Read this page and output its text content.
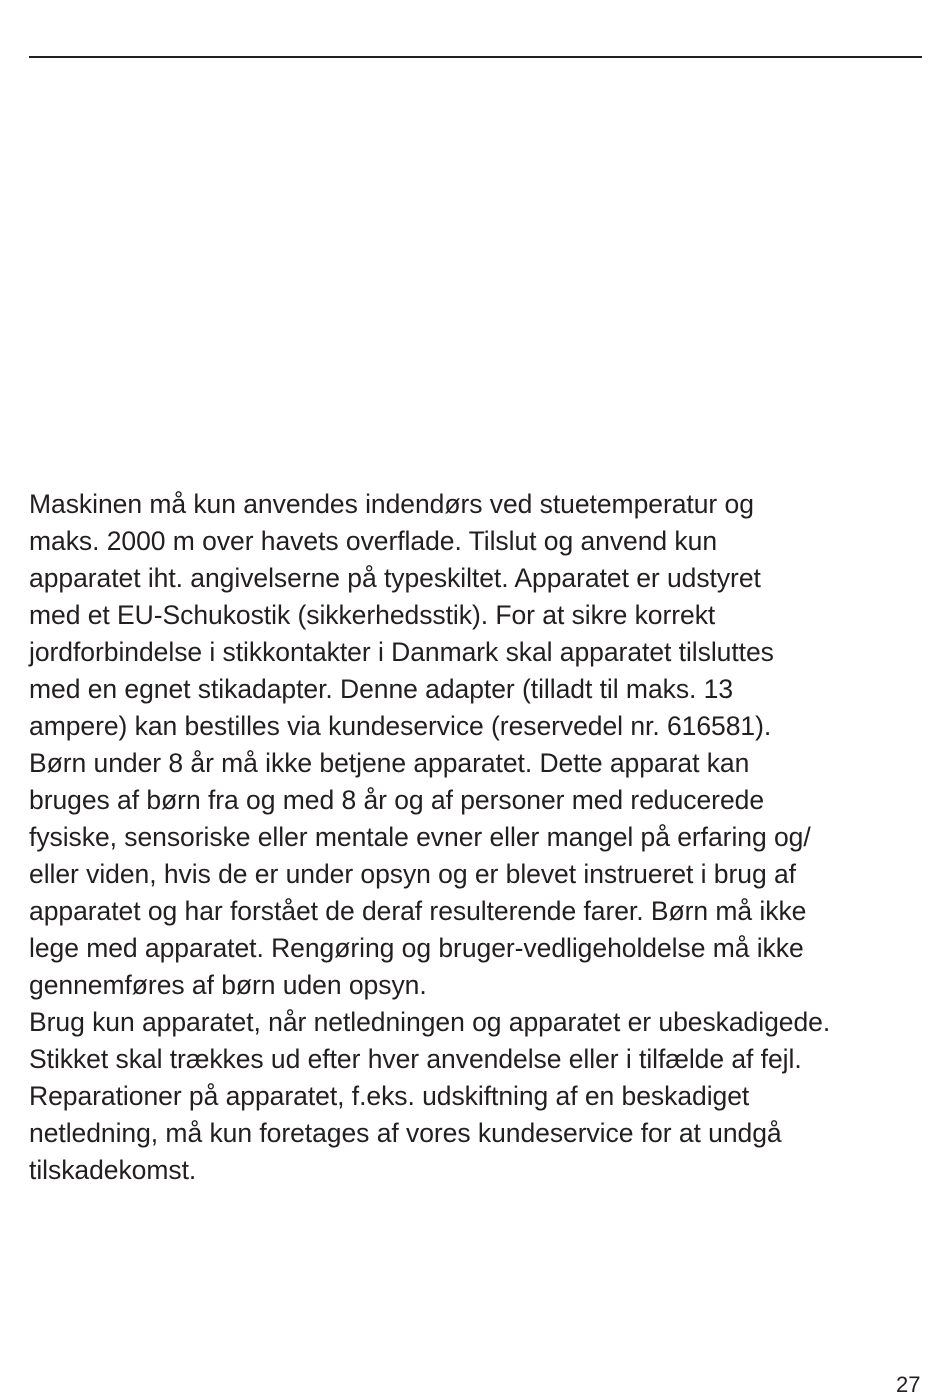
Maskinen må kun anvendes indendørs ved stuetemperatur og
maks. 2000 m over havets overflade. Tilslut og anvend kun
apparatet iht. angivelserne på typeskiltet. Apparatet er udstyret
med et EU-Schukostik (sikkerhedsstik). For at sikre korrekt
jordforbindelse i stikkontakter i Danmark skal apparatet tilsluttes
med en egnet stikadapter. Denne adapter (tilladt til maks. 13
ampere) kan bestilles via kundeservice (reservedel nr. 616581).
Børn under 8 år må ikke betjene apparatet. Dette apparat kan
bruges af børn fra og med 8 år og af personer med reducerede
fysiske, sensoriske eller mentale evner eller mangel på erfaring og/
eller viden, hvis de er under opsyn og er blevet instrueret i brug af
apparatet og har forstået de deraf resulterende farer. Børn må ikke
lege med apparatet. Rengøring og bruger-vedligeholdelse må ikke
gennemføres af børn uden opsyn.
Brug kun apparatet, når netledningen og apparatet er ubeskadigede.
Stikket skal trækkes ud efter hver anvendelse eller i tilfælde af fejl.
Reparationer på apparatet, f.eks. udskiftning af en beskadiget
netledning, må kun foretages af vores kundeservice for at undgå
tilskadekomst.
27
